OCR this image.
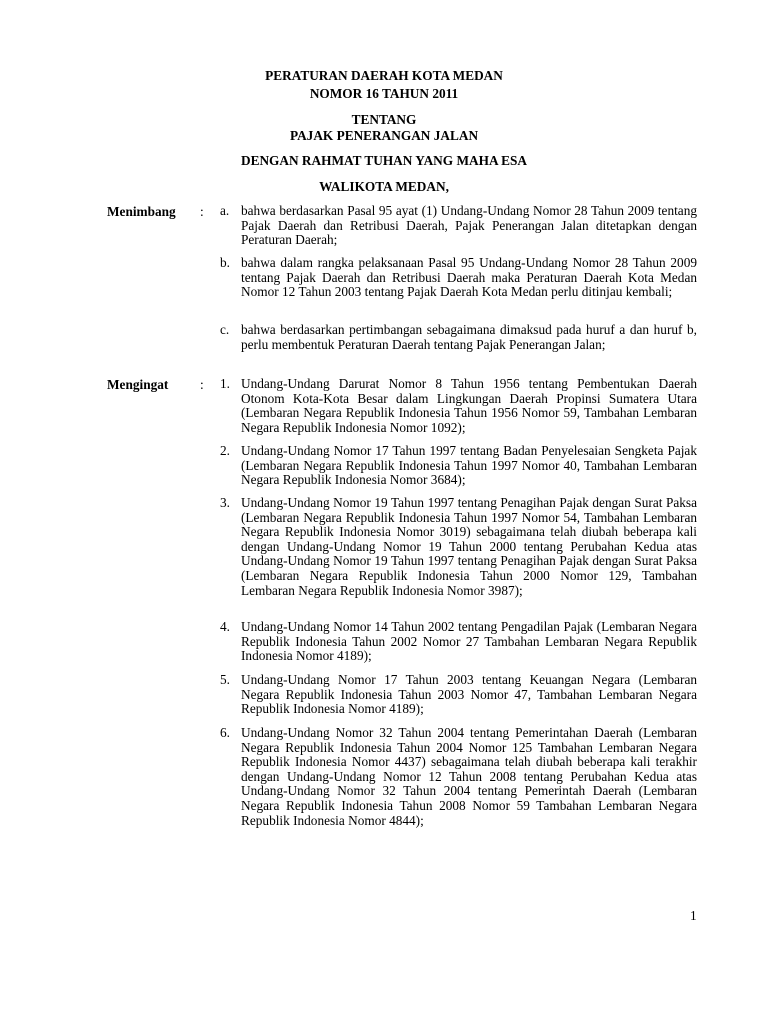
PERATURAN DAERAH KOTA MEDAN
NOMOR 16 TAHUN 2011
TENTANG
PAJAK PENERANGAN JALAN
DENGAN RAHMAT TUHAN YANG MAHA ESA
WALIKOTA MEDAN,
Menimbang : a. bahwa berdasarkan Pasal 95 ayat (1) Undang-Undang Nomor 28 Tahun 2009 tentang Pajak Daerah dan Retribusi Daerah, Pajak Penerangan Jalan ditetapkan dengan Peraturan Daerah;
b. bahwa dalam rangka pelaksanaan Pasal 95 Undang-Undang Nomor 28 Tahun 2009 tentang Pajak Daerah dan Retribusi Daerah maka Peraturan Daerah Kota Medan Nomor 12 Tahun 2003 tentang Pajak Daerah Kota Medan perlu ditinjau kembali;
c. bahwa berdasarkan pertimbangan sebagaimana dimaksud pada huruf a dan huruf b, perlu membentuk Peraturan Daerah tentang Pajak Penerangan Jalan;
Mengingat : 1. Undang-Undang Darurat Nomor 8 Tahun 1956 tentang Pembentukan Daerah Otonom Kota-Kota Besar dalam Lingkungan Daerah Propinsi Sumatera Utara (Lembaran Negara Republik Indonesia Tahun 1956 Nomor 59, Tambahan Lembaran Negara Republik Indonesia Nomor 1092);
2. Undang-Undang Nomor 17 Tahun 1997 tentang Badan Penyelesaian Sengketa Pajak (Lembaran Negara Republik Indonesia Tahun 1997 Nomor 40, Tambahan Lembaran Negara Republik Indonesia Nomor 3684);
3. Undang-Undang Nomor 19 Tahun 1997 tentang Penagihan Pajak dengan Surat Paksa (Lembaran Negara Republik Indonesia Tahun 1997 Nomor 54, Tambahan Lembaran Negara Republik Indonesia Nomor 3019) sebagaimana telah diubah beberapa kali dengan Undang-Undang Nomor 19 Tahun 2000 tentang Perubahan Kedua atas Undang-Undang Nomor 19 Tahun 1997 tentang Penagihan Pajak dengan Surat Paksa (Lembaran Negara Republik Indonesia Tahun 2000 Nomor 129, Tambahan Lembaran Negara Republik Indonesia Nomor 3987);
4. Undang-Undang Nomor 14 Tahun 2002 tentang Pengadilan Pajak (Lembaran Negara Republik Indonesia Tahun 2002 Nomor 27 Tambahan Lembaran Negara Republik Indonesia Nomor 4189);
5. Undang-Undang Nomor 17 Tahun 2003 tentang Keuangan Negara (Lembaran Negara Republik Indonesia Tahun 2003 Nomor 47, Tambahan Lembaran Negara Republik Indonesia Nomor 4189);
6. Undang-Undang Nomor 32 Tahun 2004 tentang Pemerintahan Daerah (Lembaran Negara Republik Indonesia Tahun 2004 Nomor 125 Tambahan Lembaran Negara Republik Indonesia Nomor 4437) sebagaimana telah diubah beberapa kali terakhir dengan Undang-Undang Nomor 12 Tahun 2008 tentang Perubahan Kedua atas Undang-Undang Nomor 32 Tahun 2004 tentang Pemerintah Daerah (Lembaran Negara Republik Indonesia Tahun 2008 Nomor 59 Tambahan Lembaran Negara Republik Indonesia Nomor 4844);
1
